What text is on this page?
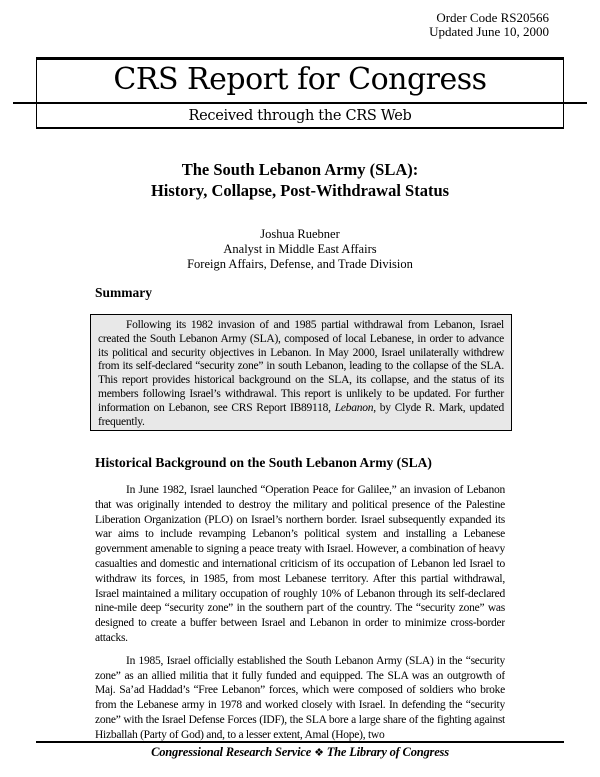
Order Code RS20566
Updated June 10, 2000
CRS Report for Congress
Received through the CRS Web
The South Lebanon Army (SLA):
History, Collapse, Post-Withdrawal Status
Joshua Ruebner
Analyst in Middle East Affairs
Foreign Affairs, Defense, and Trade Division
Summary

Following its 1982 invasion of and 1985 partial withdrawal from Lebanon, Israel created the South Lebanon Army (SLA), composed of local Lebanese, in order to advance its political and security objectives in Lebanon. In May 2000, Israel unilaterally withdrew from its self-declared “security zone” in south Lebanon, leading to the collapse of the SLA. This report provides historical background on the SLA, its collapse, and the status of its members following Israel’s withdrawal. This report is unlikely to be updated. For further information on Lebanon, see CRS Report IB89118, Lebanon, by Clyde R. Mark, updated frequently.

Historical Background on the South Lebanon Army (SLA)

In June 1982, Israel launched “Operation Peace for Galilee,” an invasion of Lebanon that was originally intended to destroy the military and political presence of the Palestine Liberation Organization (PLO) on Israel’s northern border. Israel subsequently expanded its war aims to include revamping Lebanon’s political system and installing a Lebanese government amenable to signing a peace treaty with Israel. However, a combination of heavy casualties and domestic and international criticism of its occupation of Lebanon led Israel to withdraw its forces, in 1985, from most Lebanese territory. After this partial withdrawal, Israel maintained a military occupation of roughly 10% of Lebanon through its self-declared nine-mile deep “security zone” in the southern part of the country. The “security zone” was designed to create a buffer between Israel and Lebanon in order to minimize cross-border attacks.

In 1985, Israel officially established the South Lebanon Army (SLA) in the “security zone” as an allied militia that it fully funded and equipped. The SLA was an outgrowth of Maj. Sa’ad Haddad’s “Free Lebanon” forces, which were composed of soldiers who broke from the Lebanese army in 1978 and worked closely with Israel. In defending the “security zone” with the Israel Defense Forces (IDF), the SLA bore a large share of the fighting against Hizballah (Party of God) and, to a lesser extent, Amal (Hope), two

Congressional Research Service ❖ The Library of Congress
